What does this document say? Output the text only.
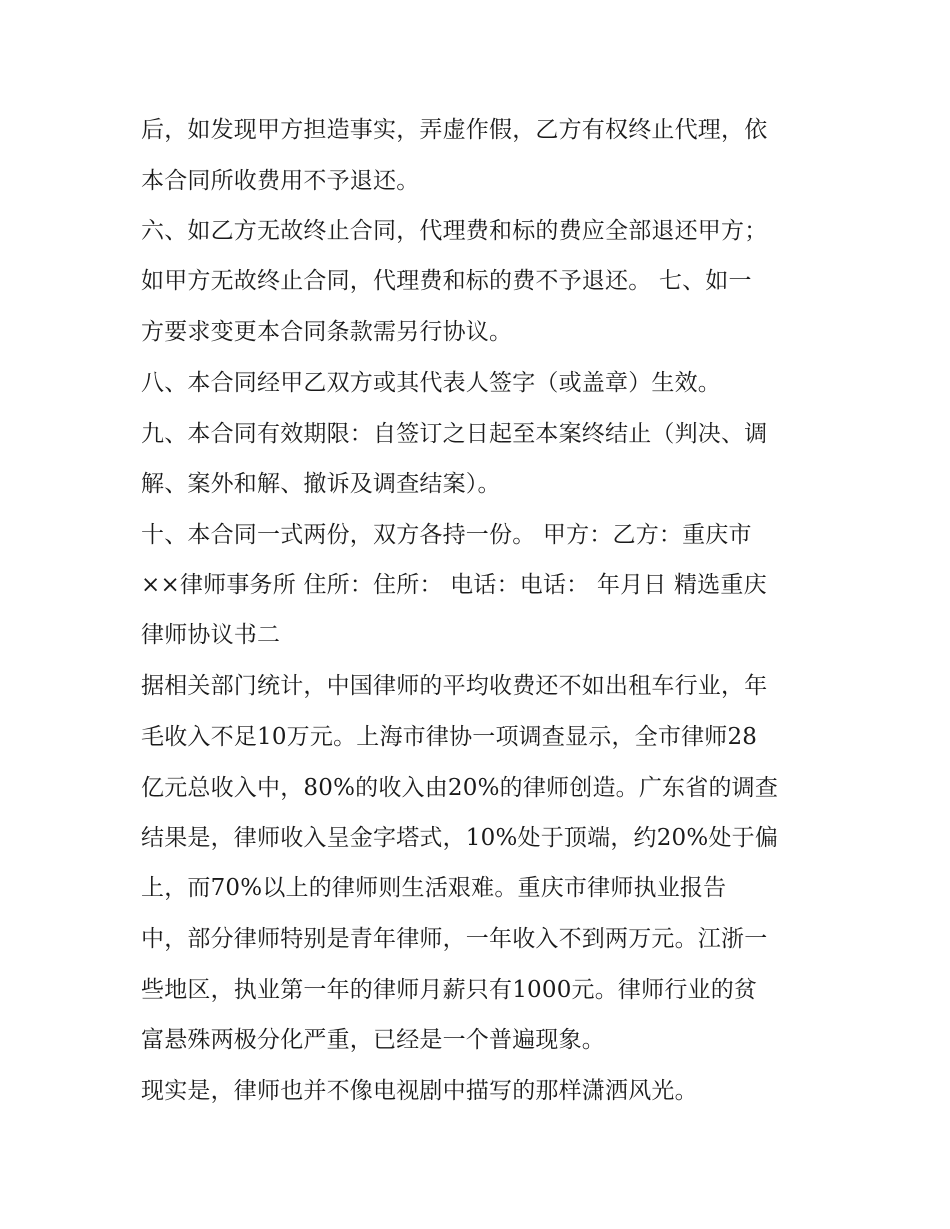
后，如发现甲方担造事实，弄虚作假，乙方有权终止代理，依
本合同所收费用不予退还。
六、如乙方无故终止合同，代理费和标的费应全部退还甲方；
如甲方无故终止合同，代理费和标的费不予退还。 七、如一
方要求变更本合同条款需另行协议。
八、本合同经甲乙双方或其代表人签字（或盖章）生效。
九、本合同有效期限：自签订之日起至本案终结止（判决、调
解、案外和解、撤诉及调查结案）。
十、本合同一式两份，双方各持一份。 甲方：乙方：重庆市
××律师事务所 住所：住所： 电话：电话： 年月日 精选重庆
律师协议书二
据相关部门统计，中国律师的平均收费还不如出租车行业，年
毛收入不足10万元。上海市律协一项调查显示，全市律师28
亿元总收入中，80%的收入由20%的律师创造。广东省的调查
结果是，律师收入呈金字塔式，10%处于顶端，约20%处于偏
上，而70%以上的律师则生活艰难。重庆市律师执业报告
中，部分律师特别是青年律师，一年收入不到两万元。江浙一
些地区，执业第一年的律师月薪只有1000元。律师行业的贫
富悬殊两极分化严重，已经是一个普遍现象。
现实是，律师也并不像电视剧中描写的那样潇洒风光。
